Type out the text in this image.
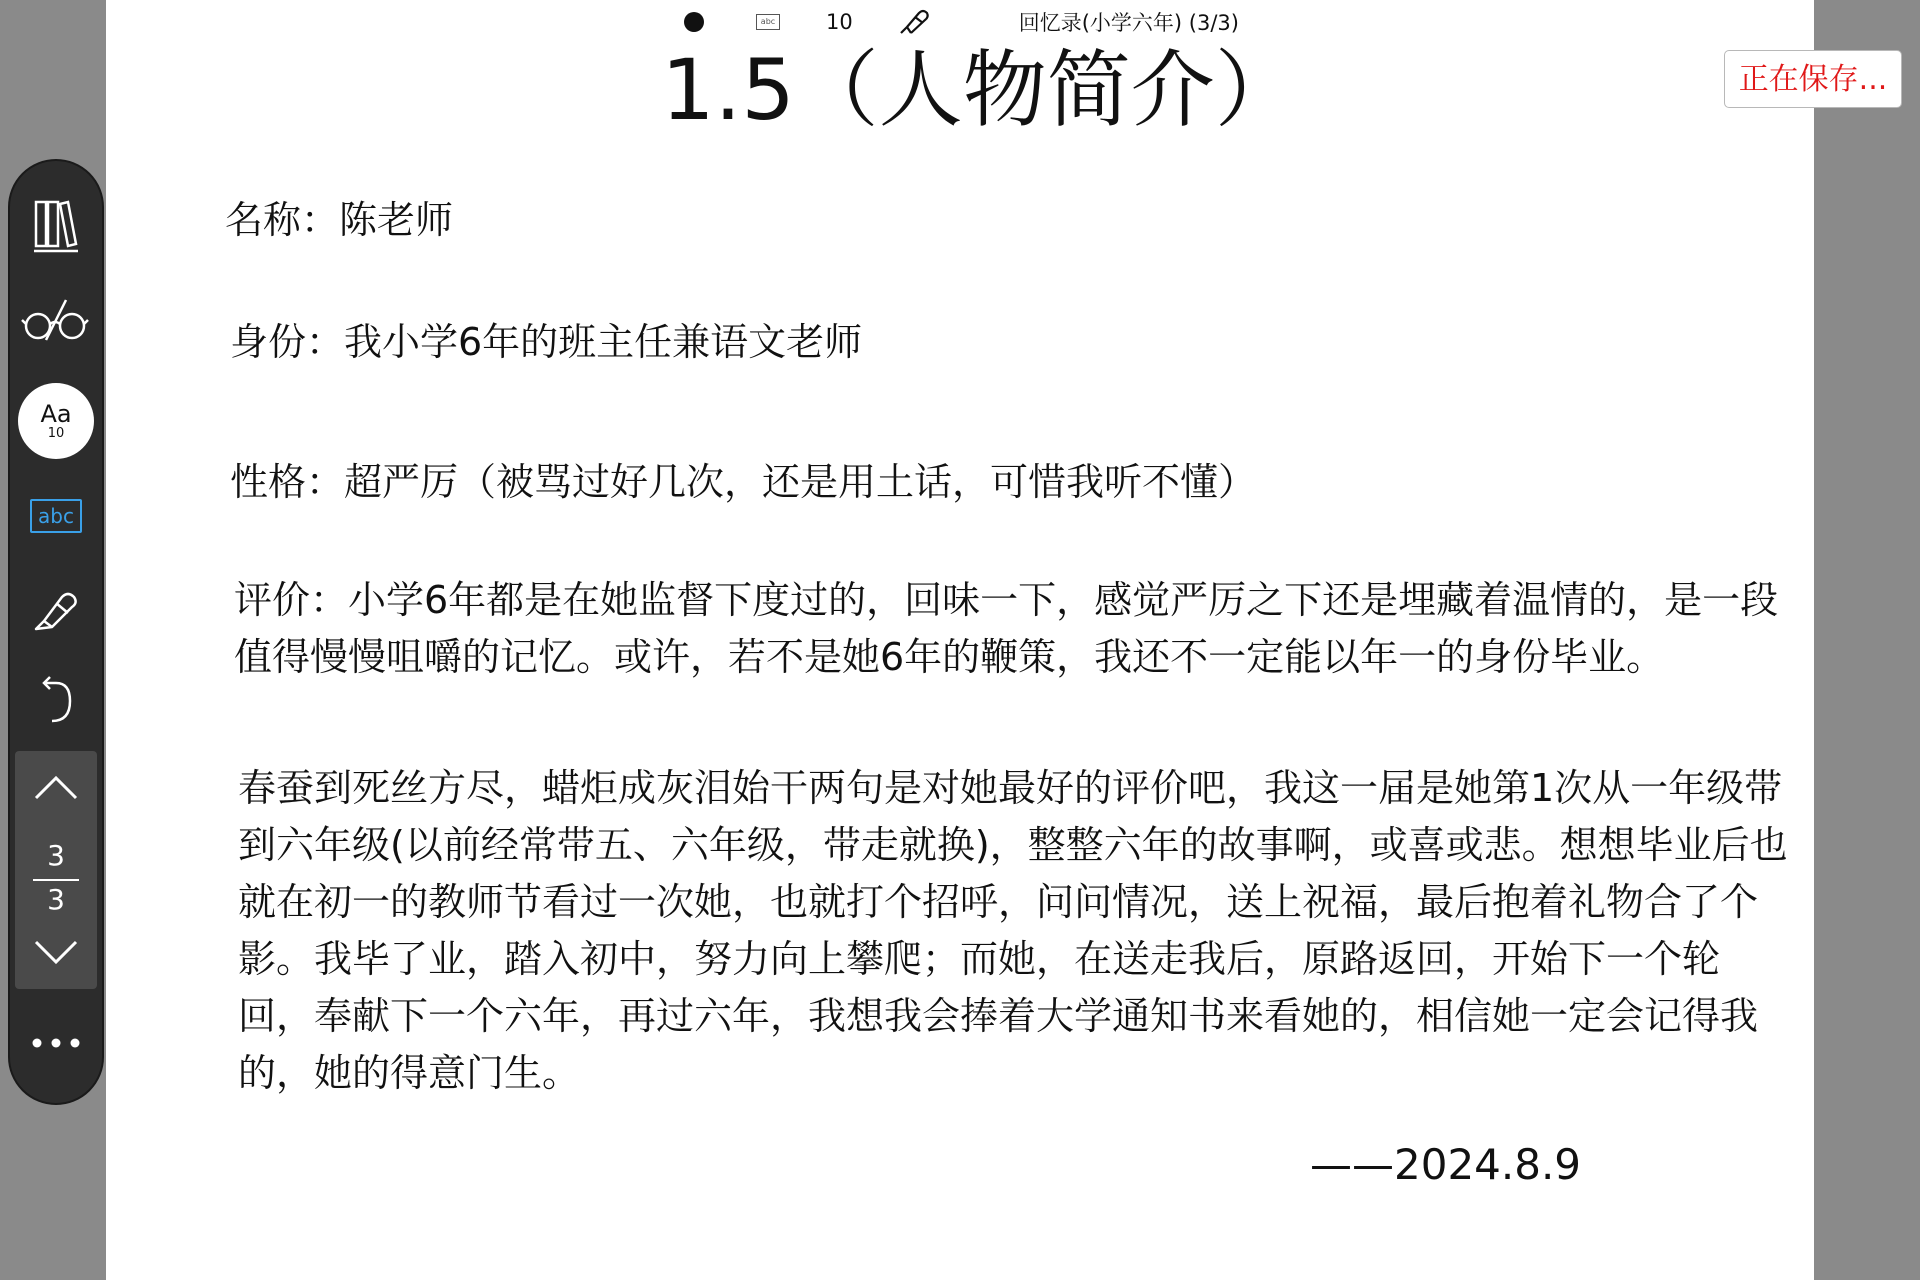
abc 10	回忆录(小学六年) (3/3)
正在保存...
1.5（人物简介）

名称：陈老师

身份：我小学6年的班主任兼语文老师

性格：超严厉（被骂过好几次，还是用土话，可惜我听不懂）

评价：小学6年都是在她监督下度过的，回味一下，感觉严厉之下还是埋藏着温情的，是一段值得慢慢咀嚼的记忆。或许，若不是她6年的鞭策，我还不一定能以年一的身份毕业。

春蚕到死丝方尽，蜡炬成灰泪始干两句是对她最好的评价吧，我这一届是她第1次从一年级带到六年级(以前经常带五、六年级，带走就换)，整整六年的故事啊，或喜或悲。想想毕业后也就在初一的教师节看过一次她，也就打个招呼，问问情况，送上祝福，最后抱着礼物合了个影。我毕了业，踏入初中，努力向上攀爬；而她，在送走我后，原路返回，开始下一个轮回，奉献下一个六年，再过六年，我想我会捧着大学通知书来看她的，相信她一定会记得我的，她的得意门生。

——2024.8.9
Aa
10
abc
3
3
